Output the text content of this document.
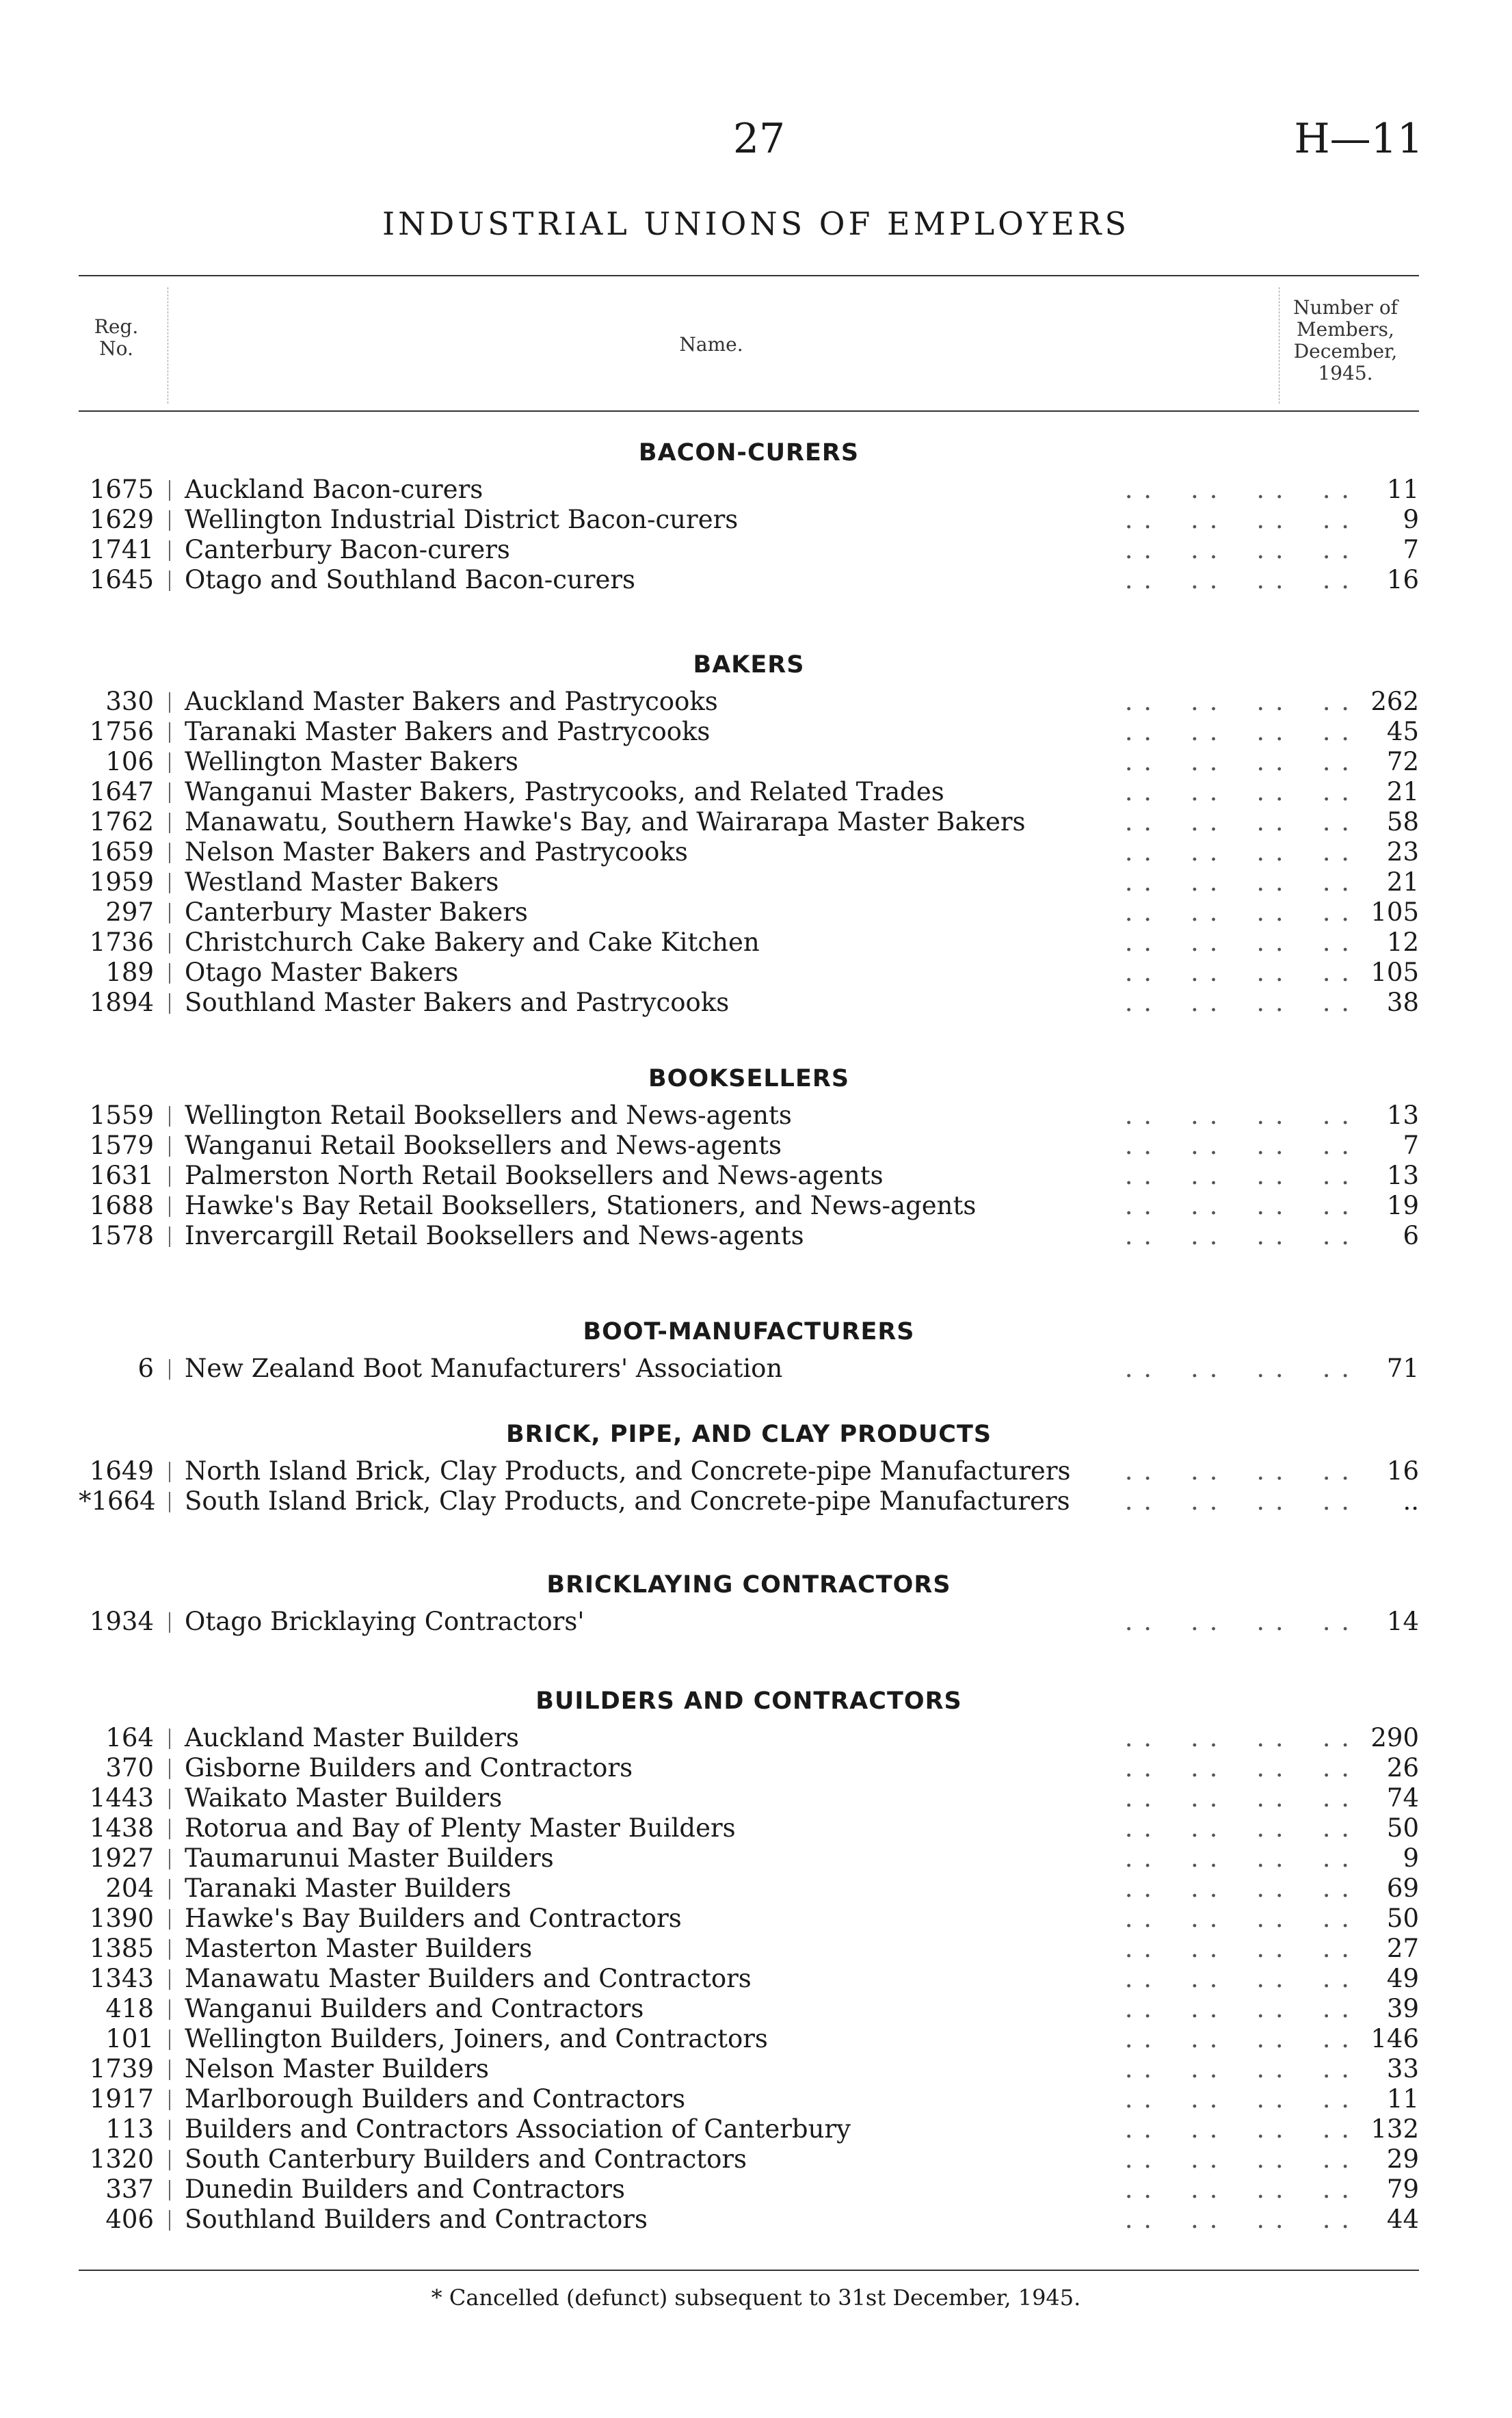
27	H—11
INDUSTRIAL UNIONS OF EMPLOYERS
Reg.
No.	Name.
Number of
Members,
December,
1945.
BACON-CURERS
1675 Auckland Bacon-curers	. .    . .    . .    . .	11
1629 Wellington Industrial District Bacon-curers	. .    . .    . .    . .	9
1741 Canterbury Bacon-curers	. .    . .    . .    . .	7
1645 Otago and Southland Bacon-curers	. .    . .    . .    . .	16
BAKERS
330 Auckland Master Bakers and Pastrycooks	. .    . .    . .    . . 262
1756 Taranaki Master Bakers and Pastrycooks	. .    . .    . .    . .	45
106 Wellington Master Bakers	. .    . .    . .    . .	72
1647 Wanganui Master Bakers, Pastrycooks, and Related Trades	. .    . .    . .    . .	21
1762 Manawatu, Southern Hawke's Bay, and Wairarapa Master Bakers	. .    . .    . .    . .	58
1659 Nelson Master Bakers and Pastrycooks	. .    . .    . .    . .	23
1959 Westland Master Bakers	. .    . .    . .    . .	21
297 Canterbury Master Bakers	. .    . .    . .    . . 105
1736 Christchurch Cake Bakery and Cake Kitchen	. .    . .    . .    . .	12
189 Otago Master Bakers	. .    . .    . .    . . 105
1894 Southland Master Bakers and Pastrycooks	. .    . .    . .    . .	38
BOOKSELLERS
1559 Wellington Retail Booksellers and News-agents	. .    . .    . .    . .	13
1579 Wanganui Retail Booksellers and News-agents	. .    . .    . .    . .	7
1631 Palmerston North Retail Booksellers and News-agents	. .    . .    . .    . .	13
1688 Hawke's Bay Retail Booksellers, Stationers, and News-agents	. .    . .    . .    . .	19
1578 Invercargill Retail Booksellers and News-agents	. .    . .    . .    . .	6
BOOT-MANUFACTURERS
6 New Zealand Boot Manufacturers' Association	. .    . .    . .    . .	71
BRICK, PIPE, AND CLAY PRODUCTS
1649 North Island Brick, Clay Products, and Concrete-pipe Manufacturers	. .    . .    . .    . .	16
*1664 South Island Brick, Clay Products, and Concrete-pipe Manufacturers	. .    . .    . .    . .	..
BRICKLAYING CONTRACTORS
1934 Otago Bricklaying Contractors'	. .    . .    . .    . .	14
BUILDERS AND CONTRACTORS
164 Auckland Master Builders	. .    . .    . .    . . 290
370 Gisborne Builders and Contractors	. .    . .    . .    . .	26
1443 Waikato Master Builders	. .    . .    . .    . .	74
1438 Rotorua and Bay of Plenty Master Builders	. .    . .    . .    . .	50
1927 Taumarunui Master Builders	. .    . .    . .    . .	9
204 Taranaki Master Builders	. .    . .    . .    . .	69
1390 Hawke's Bay Builders and Contractors	. .    . .    . .    . .	50
1385 Masterton Master Builders	. .    . .    . .    . .	27
1343 Manawatu Master Builders and Contractors	. .    . .    . .    . .	49
418 Wanganui Builders and Contractors	. .    . .    . .    . .	39
101 Wellington Builders, Joiners, and Contractors	. .    . .    . .    . . 146
1739 Nelson Master Builders	. .    . .    . .    . .	33
1917 Marlborough Builders and Contractors	. .    . .    . .    . .	11
113 Builders and Contractors Association of Canterbury	. .    . .    . .    . . 132
1320 South Canterbury Builders and Contractors	. .    . .    . .    . .	29
337 Dunedin Builders and Contractors	. .    . .    . .    . .	79
406 Southland Builders and Contractors	. .    . .    . .    . .	44
* Cancelled (defunct) subsequent to 31st December, 1945.
